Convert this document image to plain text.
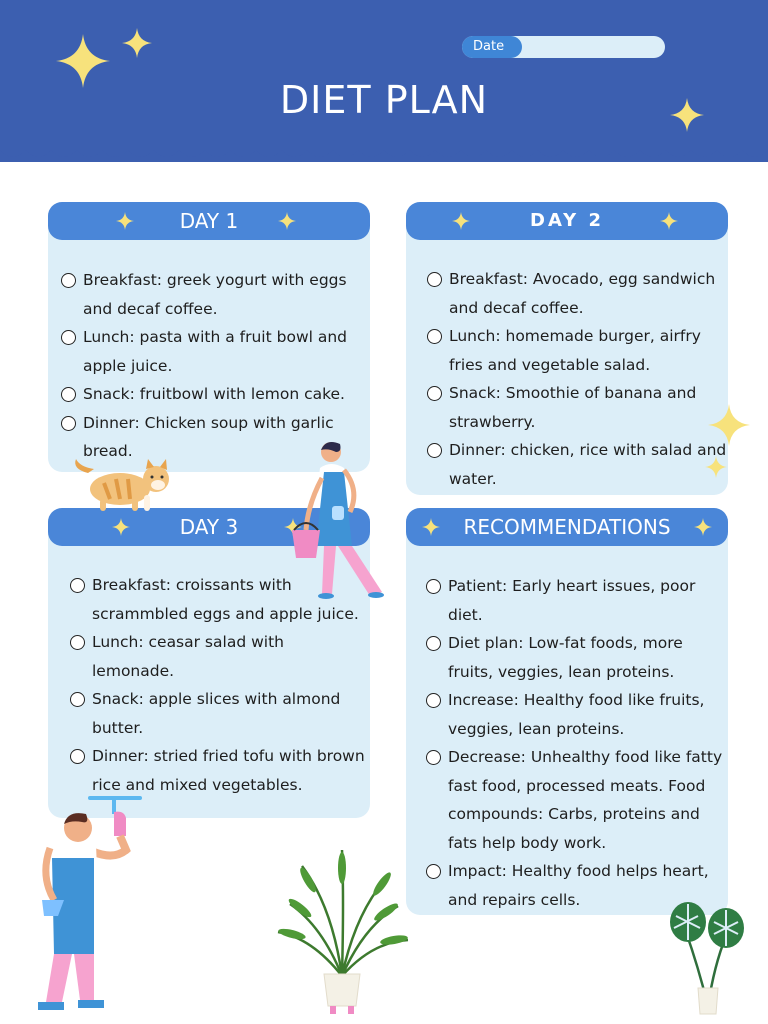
Date
DIET PLAN
DAY 1
Breakfast: greek yogurt with eggs and decaf coffee.
Lunch: pasta with a fruit bowl and apple juice.
Snack: fruitbowl with lemon cake.
Dinner: Chicken soup with garlic bread.
DAY 2
Breakfast: Avocado, egg sandwich and decaf coffee.
Lunch: homemade burger, airfry fries and vegetable salad.
Snack: Smoothie of banana and strawberry.
Dinner: chicken, rice with salad and water.
DAY 3
Breakfast: croissants with scrammbled eggs and apple juice.
Lunch: ceasar salad with lemonade.
Snack: apple slices with almond butter.
Dinner: stried fried tofu with brown rice and mixed vegetables.
RECOMMENDATIONS
Patient: Early heart issues, poor diet.
Diet plan: Low-fat foods, more fruits, veggies, lean proteins.
Increase: Healthy food like fruits, veggies, lean proteins.
Decrease: Unhealthy food like fatty fast food, processed meats. Food compounds: Carbs, proteins and fats help body work.
Impact: Healthy food helps heart, and repairs cells.
